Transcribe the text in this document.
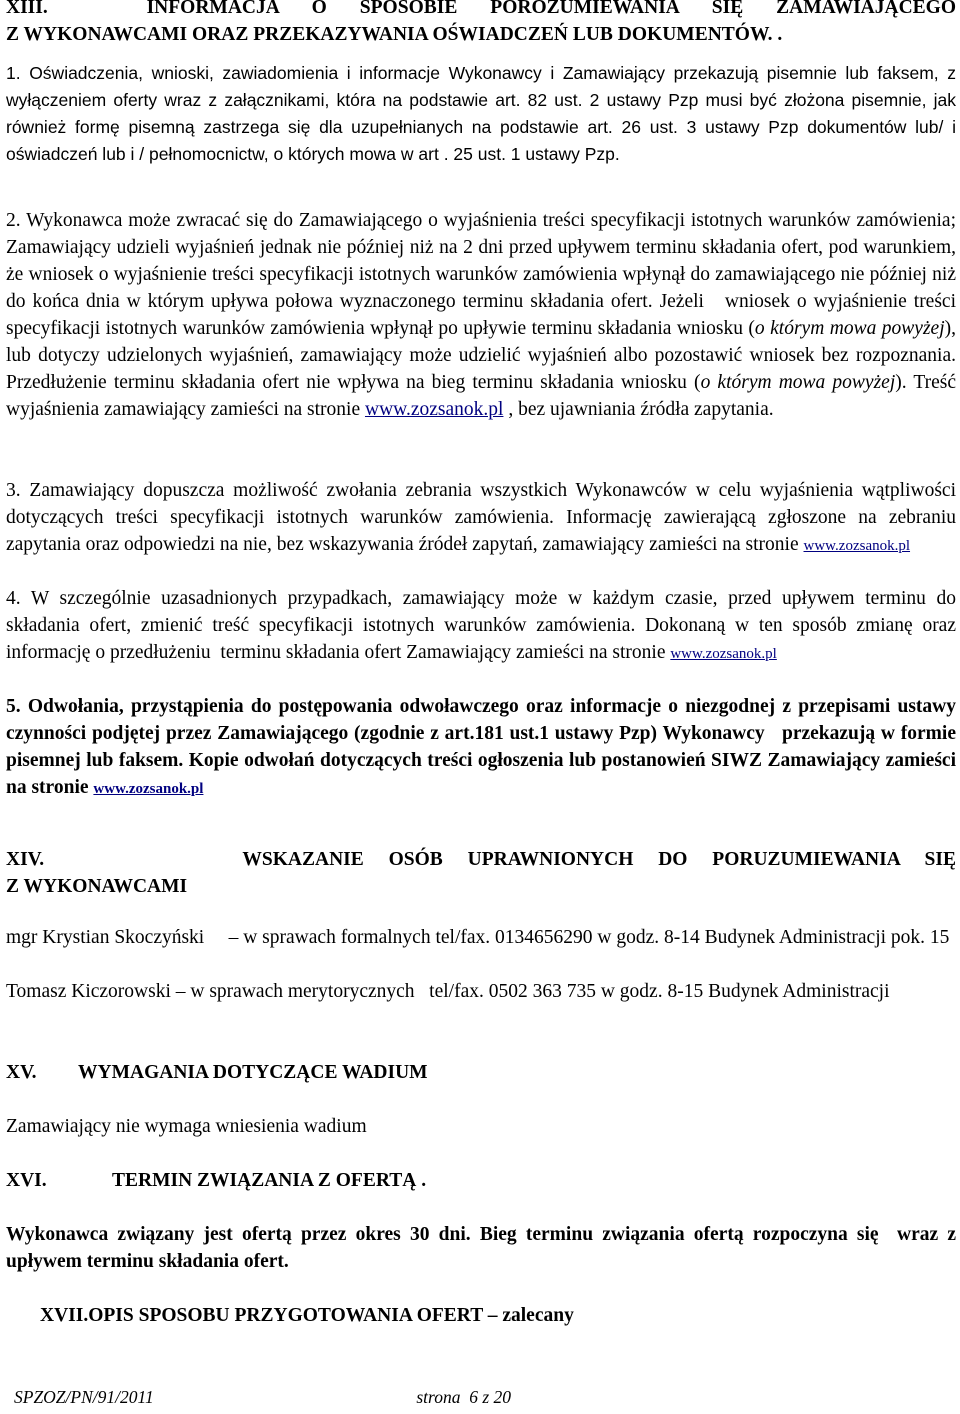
XIII.   INFORMACJA O SPOSOBIE POROZUMIEWANIA SIĘ ZAMAWIAJĄCEGO

Z WYKONAWCAMI ORAZ PRZEKAZYWANIA OŚWIADCZEŃ LUB DOKUMENTÓW. .

1. Oświadczenia, wnioski, zawiadomienia i informacje Wykonawcy i Zamawiający przekazują pisemnie lub faksem, z wyłączeniem oferty wraz z załącznikami, która na podstawie art. 82 ust. 2 ustawy Pzp musi być złożona pisemnie, jak również formę pisemną zastrzega się dla uzupełnianych na podstawie art. 26 ust. 3 ustawy Pzp dokumentów lub/ i oświadczeń lub i / pełnomocnictw, o których mowa w art . 25 ust. 1 ustawy Pzp.

2. Wykonawca może zwracać się do Zamawiającego o wyjaśnienia treści specyfikacji istotnych warunków zamówienia; Zamawiający udzieli wyjaśnień jednak nie później niż na 2 dni przed upływem terminu składania ofert, pod warunkiem, że wniosek o wyjaśnienie treści specyfikacji istotnych warunków zamówienia wpłynął do zamawiającego nie później niż do końca dnia w którym upływa połowa wyznaczonego terminu składania ofert. Jeżeli   wniosek o wyjaśnienie treści specyfikacji istotnych warunków zamówienia wpłynął po upływie terminu składania wniosku (o którym mowa powyżej), lub dotyczy udzielonych wyjaśnień, zamawiający może udzielić wyjaśnień albo pozostawić wniosek bez rozpoznania. Przedłużenie terminu składania ofert nie wpływa na bieg terminu składania wniosku (o którym mowa powyżej). Treść wyjaśnienia zamawiający zamieści na stronie www.zozsanok.pl , bez ujawniania źródła zapytania.

3. Zamawiający dopuszcza możliwość zwołania zebrania wszystkich Wykonawców w celu wyjaśnienia wątpliwości dotyczących treści specyfikacji istotnych warunków zamówienia. Informację zawierającą zgłoszone na zebraniu zapytania oraz odpowiedzi na nie, bez wskazywania źródeł zapytań, zamawiający zamieści na stronie www.zozsanok.pl

4. W szczególnie uzasadnionych przypadkach, zamawiający może w każdym czasie, przed upływem terminu do składania ofert, zmienić treść specyfikacji istotnych warunków zamówienia. Dokonaną w ten sposób zmianę oraz informację o przedłużeniu  terminu składania ofert Zamawiający zamieści na stronie www.zozsanok.pl

5. Odwołania, przystąpienia do postępowania odwoławczego oraz informacje o niezgodnej z przepisami ustawy czynności podjętej przez Zamawiającego (zgodnie z art.181 ust.1 ustawy Pzp) Wykonawcy   przekazują w formie pisemnej lub faksem. Kopie odwołań dotyczących treści ogłoszenia lub postanowień SIWZ Zamawiający zamieści na stronie www.zozsanok.pl

XIV.        WSKAZANIE OSÓB UPRAWNIONYCH DO PORUZUMIEWANIA SIĘ

Z WYKONAWCAMI

mgr Krystian Skoczyński     – w sprawach formalnych tel/fax. 0134656290 w godz. 8-14 Budynek Administracji pok. 15

Tomasz Kiczorowski – w sprawach merytorycznych   tel/fax. 0502 363 735 w godz. 8-15 Budynek Administracji

XV.	WYMAGANIA DOTYCZĄCE WADIUM

Zamawiający nie wymaga wniesienia wadium

XVI.	TERMIN ZWIĄZANIA Z OFERTĄ .

Wykonawca związany jest ofertą przez okres 30 dni. Bieg terminu związania ofertą rozpoczyna się  wraz z upływem terminu składania ofert.

XVII.OPIS SPOSOBU PRZYGOTOWANIA OFERT – zalecany

SPZOZ/PN/91/2011	strona  6 z 20
